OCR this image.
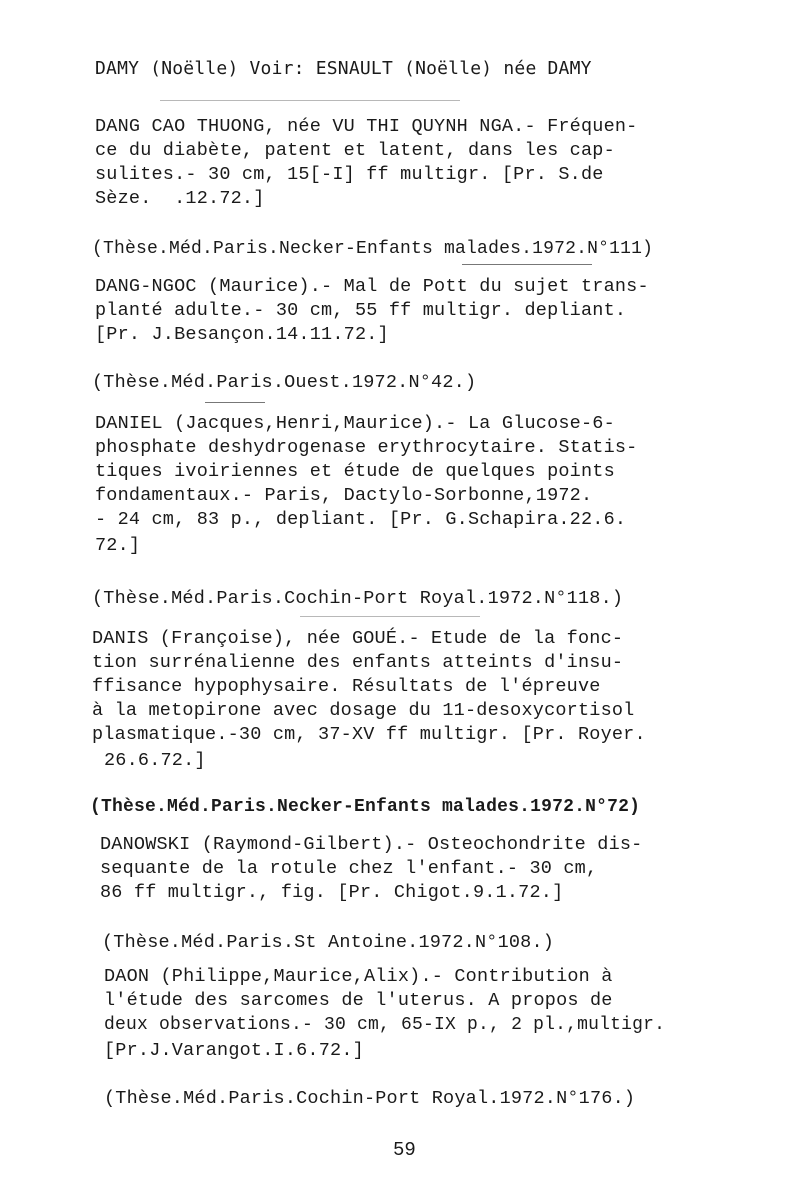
DAMY (Noëlle) Voir: ESNAULT (Noëlle) née DAMY
DANG CAO THUONG, née VU THI QUYNH NGA.- Fréquen-
ce du diabète, patent et latent, dans les cap-
sulites.- 30 cm, 15[-I] ff multigr. [Pr. S.de
Sèze.  .12.72.]
(Thèse.Méd.Paris.Necker-Enfants malades.1972.N°111)
DANG-NGOC (Maurice).- Mal de Pott du sujet trans-
planté adulte.- 30 cm, 55 ff multigr. depliant.
[Pr. J.Besançon.14.11.72.]
(Thèse.Méd.Paris.Ouest.1972.N°42.)
DANIEL (Jacques,Henri,Maurice).- La Glucose-6-
phosphate deshydrogenase erythrocytaire. Statis-
tiques ivoiriennes et étude de quelques points
fondamentaux.- Paris, Dactylo-Sorbonne,1972.
- 24 cm, 83 p., depliant. [Pr. G.Schapira.22.6.
72.]
(Thèse.Méd.Paris.Cochin-Port Royal.1972.N°118.)
DANIS (Françoise), née GOUÉ.- Etude de la fonc-
tion surrénalienne des enfants atteints d'insu-
ffisance hypophysaire. Résultats de l'épreuve
à la metopirone avec dosage du 11-desoxycortisol
plasmatique.-30 cm, 37-XV ff multigr. [Pr. Royer.
26.6.72.]
(Thèse.Méd.Paris.Necker-Enfants malades.1972.N°72)
DANOWSKI (Raymond-Gilbert).- Osteochondrite dis-
sequante de la rotule chez l'enfant.- 30 cm,
86 ff multigr., fig. [Pr. Chigot.9.1.72.]
(Thèse.Méd.Paris.St Antoine.1972.N°108.)
DAON (Philippe,Maurice,Alix).- Contribution à
l'étude des sarcomes de l'uterus. A propos de
deux observations.- 30 cm, 65-IX p., 2 pl.,multigr.
[Pr.J.Varangot.I.6.72.]
(Thèse.Méd.Paris.Cochin-Port Royal.1972.N°176.)
59
